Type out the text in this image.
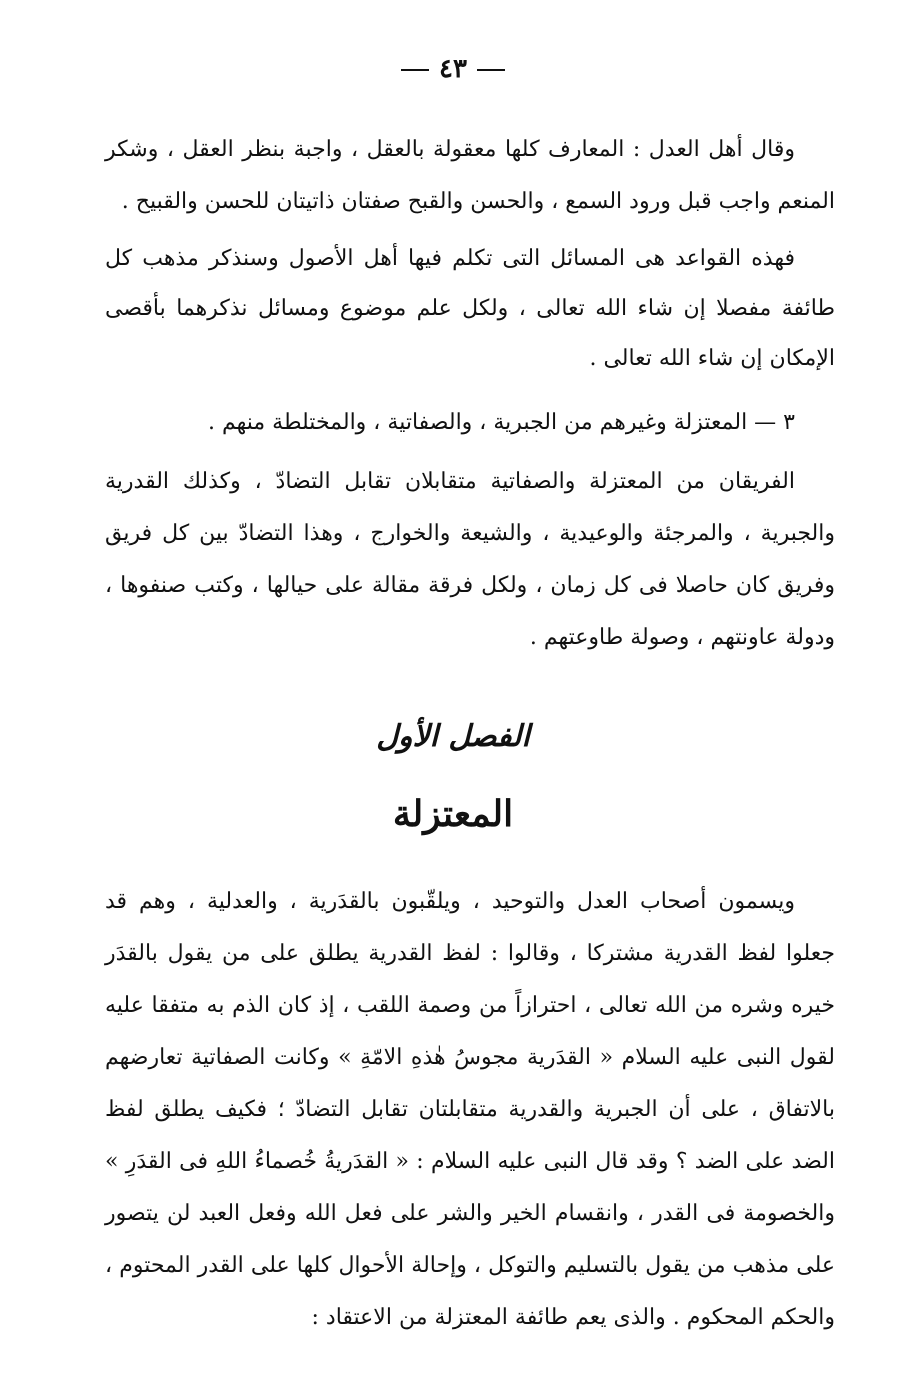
٤٣

وقال أهل العدل : المعارف كلها معقولة بالعقل ، واجبة بنظر العقل ، وشكر المنعم واجب قبل ورود السمع ، والحسن والقبح صفتان ذاتيتان للحسن والقبيح .

فهذه القواعد هى المسائل التى تكلم فيها أهل الأصول وسنذكر مذهب كل طائفة مفصلا إن شاء الله تعالى ، ولكل علم موضوع ومسائل نذكرهما بأقصى الإمكان إن شاء الله تعالى .

٣ — المعتزلة وغيرهم من الجبرية ، والصفاتية ، والمختلطة منهم .

الفريقان من المعتزلة والصفاتية متقابلان تقابل التضادّ ، وكذلك القدرية والجبرية ، والمرجئة والوعيدية ، والشيعة والخوارج ، وهذا التضادّ بين كل فريق وفريق كان حاصلا فى كل زمان ، ولكل فرقة مقالة على حيالها ، وكتب صنفوها ، ودولة عاونتهم ، وصولة طاوعتهم .

الفصل الأول
المعتزلة

ويسمون أصحاب العدل والتوحيد ، ويلقّبون بالقدَرية ، والعدلية ، وهم قد جعلوا لفظ القدرية مشتركا ، وقالوا : لفظ القدرية يطلق على من يقول بالقدَر خيره وشره من الله تعالى ، احترازاً من وصمة اللقب ، إذ كان الذم به متفقا عليه لقول النبى عليه السلام « القدَرية مجوسُ هٰذهِ الامّةِ » وكانت الصفاتية تعارضهم بالاتفاق ، على أن الجبرية والقدرية متقابلتان تقابل التضادّ ؛ فكيف يطلق لفظ الضد على الضد ؟ وقد قال النبى عليه السلام : « القدَريةُ خُصماءُ اللهِ فى القدَرِ » والخصومة فى القدر ، وانقسام الخير والشر على فعل الله وفعل العبد لن يتصور على مذهب من يقول بالتسليم والتوكل ، وإحالة الأحوال كلها على القدر المحتوم ، والحكم المحكوم . والذى يعم طائفة المعتزلة من الاعتقاد :
